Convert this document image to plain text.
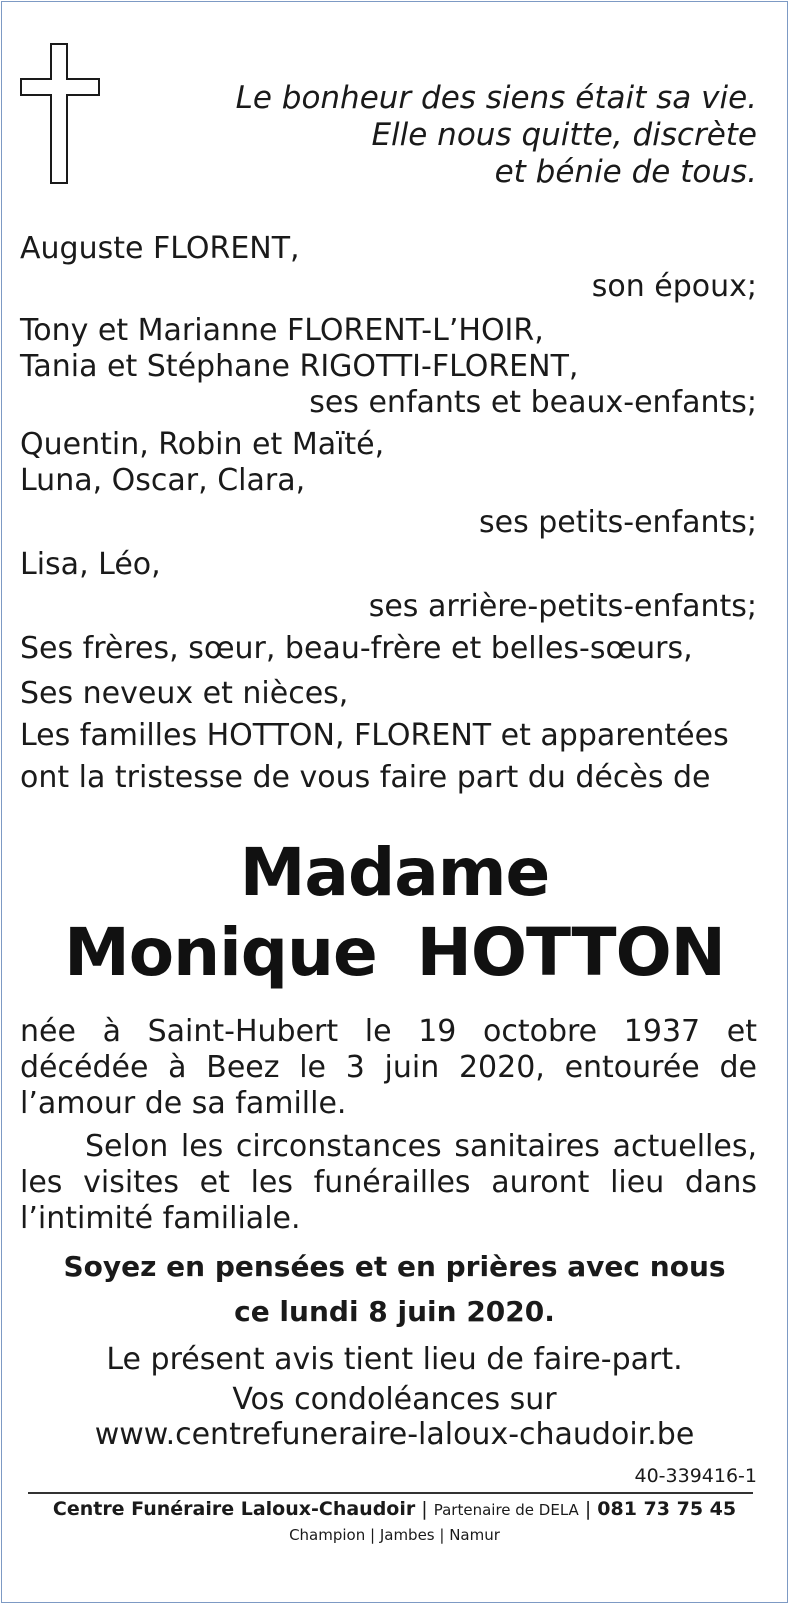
Le bonheur des siens était sa vie.
Elle nous quitte, discrète
et bénie de tous.
Auguste FLORENT,
son époux;
Tony et Marianne FLORENT-L’HOIR,
Tania et Stéphane RIGOTTI-FLORENT,
ses enfants et beaux-enfants;
Quentin, Robin et Maïté,
Luna, Oscar, Clara,
ses petits-enfants;
Lisa, Léo,
ses arrière-petits-enfants;
Ses frères, sœur, beau-frère et belles-sœurs,
Ses neveux et nièces,
Les familles HOTTON, FLORENT et apparentées
ont la tristesse de vous faire part du décès de
Madame
Monique HOTTON
née à Saint-Hubert le 19 octobre 1937 et décédée à Beez le 3 juin 2020, entourée de l’amour de sa famille.
Selon les circonstances sanitaires actuelles, les visites et les funérailles auront lieu dans l’intimité familiale.
Soyez en pensées et en prières avec nous
ce lundi 8 juin 2020.
Le présent avis tient lieu de faire-part.
Vos condoléances sur
www.centrefuneraire-laloux-chaudoir.be
40-339416-1
Centre Funéraire Laloux-Chaudoir | Partenaire de DELA | 081 73 75 45
Champion | Jambes | Namur
